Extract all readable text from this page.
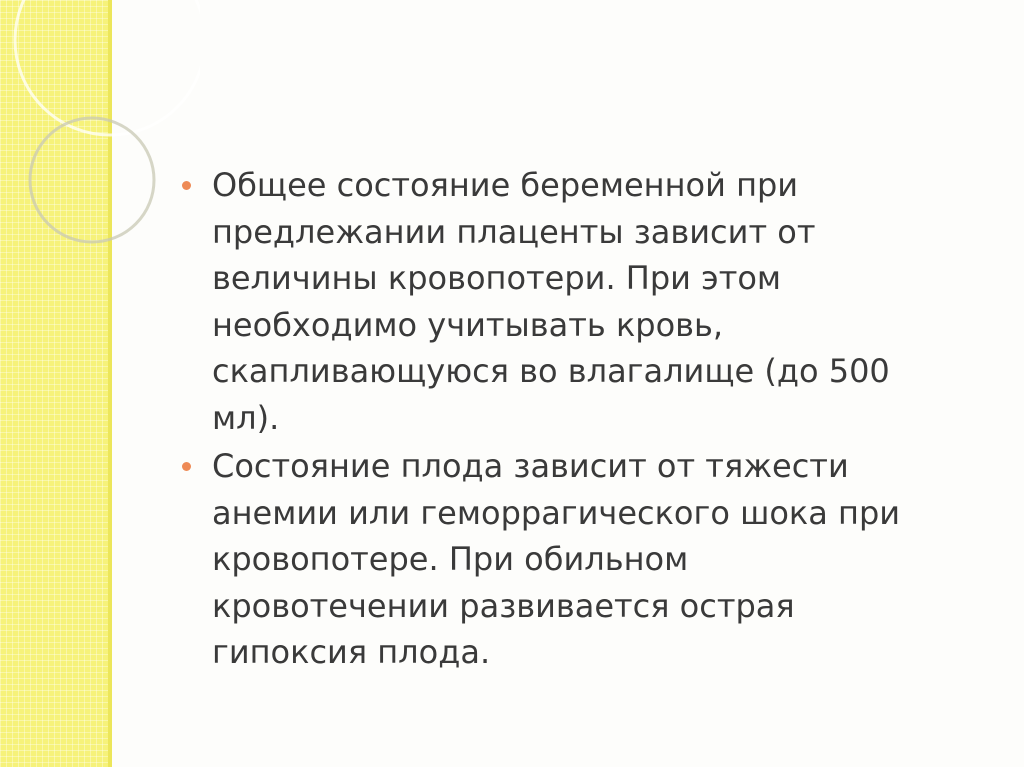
Общее состояние беременной при
предлежании плаценты зависит от
величины кровопотери. При этом
необходимо учитывать кровь,
скапливающуюся во влагалище (до 500
мл).
Состояние плода зависит от тяжести
анемии или геморрагического шока при
кровопотере. При обильном
кровотечении развивается острая
гипоксия плода.
